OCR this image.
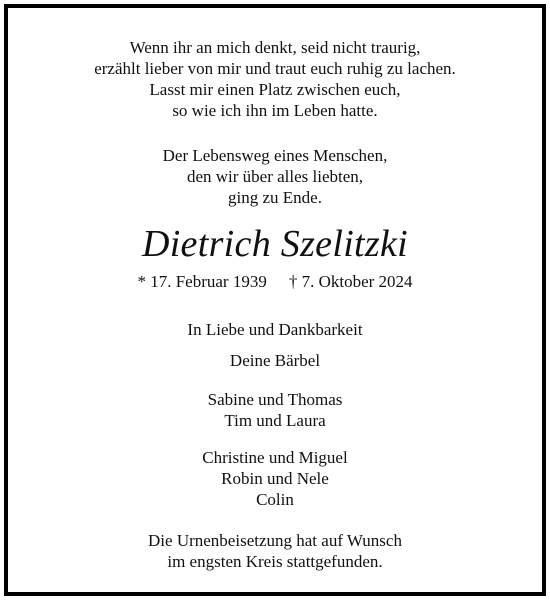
Wenn ihr an mich denkt, seid nicht traurig,
erzählt lieber von mir und traut euch ruhig zu lachen.
Lasst mir einen Platz zwischen euch,
so wie ich ihn im Leben hatte.
Der Lebensweg eines Menschen,
den wir über alles liebten,
ging zu Ende.
Dietrich Szelitzki
* 17. Februar 1939 † 7. Oktober 2024
In Liebe und Dankbarkeit
Deine Bärbel
Sabine und Thomas
Tim und Laura
Christine und Miguel
Robin und Nele
Colin
Die Urnenbeisetzung hat auf Wunsch
im engsten Kreis stattgefunden.
